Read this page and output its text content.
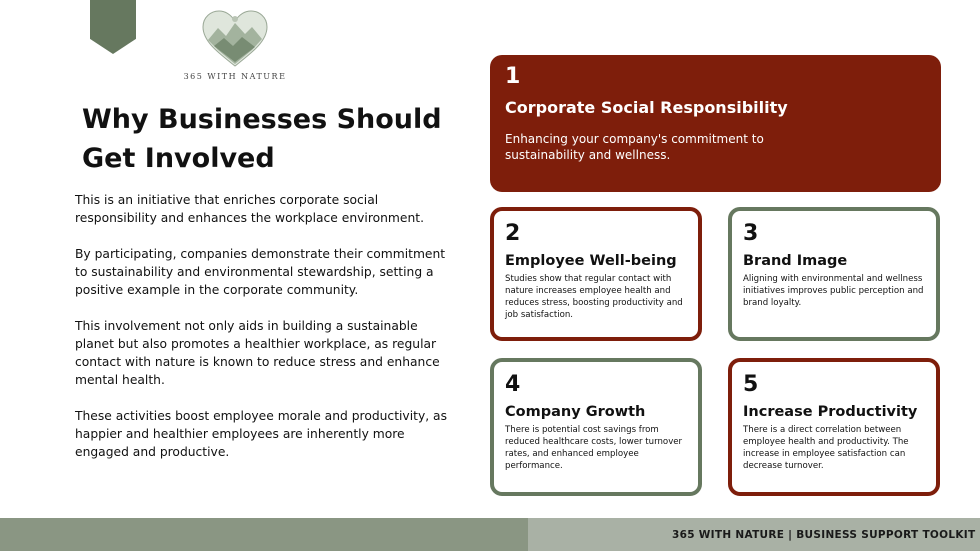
365 WITH NATURE
Why Businesses Should
Get Involved

This is an initiative that enriches corporate social responsibility and enhances the workplace environment.

By participating, companies demonstrate their commitment to sustainability and environmental stewardship, setting a positive example in the corporate community.

This involvement not only aids in building a sustainable planet but also promotes a healthier workplace, as regular contact with nature is known to reduce stress and enhance mental health.

These activities boost employee morale and productivity, as happier and healthier employees are inherently more engaged and productive.

1
Corporate Social Responsibility
Enhancing your company's commitment to sustainability and wellness.
2
Employee Well-being
Studies show that regular contact with nature increases employee health and reduces stress, boosting productivity and job satisfaction.
3
Brand Image
Aligning with environmental and wellness initiatives improves public perception and brand loyalty.
4
Company Growth
There is potential cost savings from reduced healthcare costs, lower turnover rates, and enhanced employee performance.
5
Increase Productivity
There is a direct correlation between employee health and productivity. The increase in employee satisfaction can decrease turnover.
365 WITH NATURE | BUSINESS SUPPORT TOOLKIT
